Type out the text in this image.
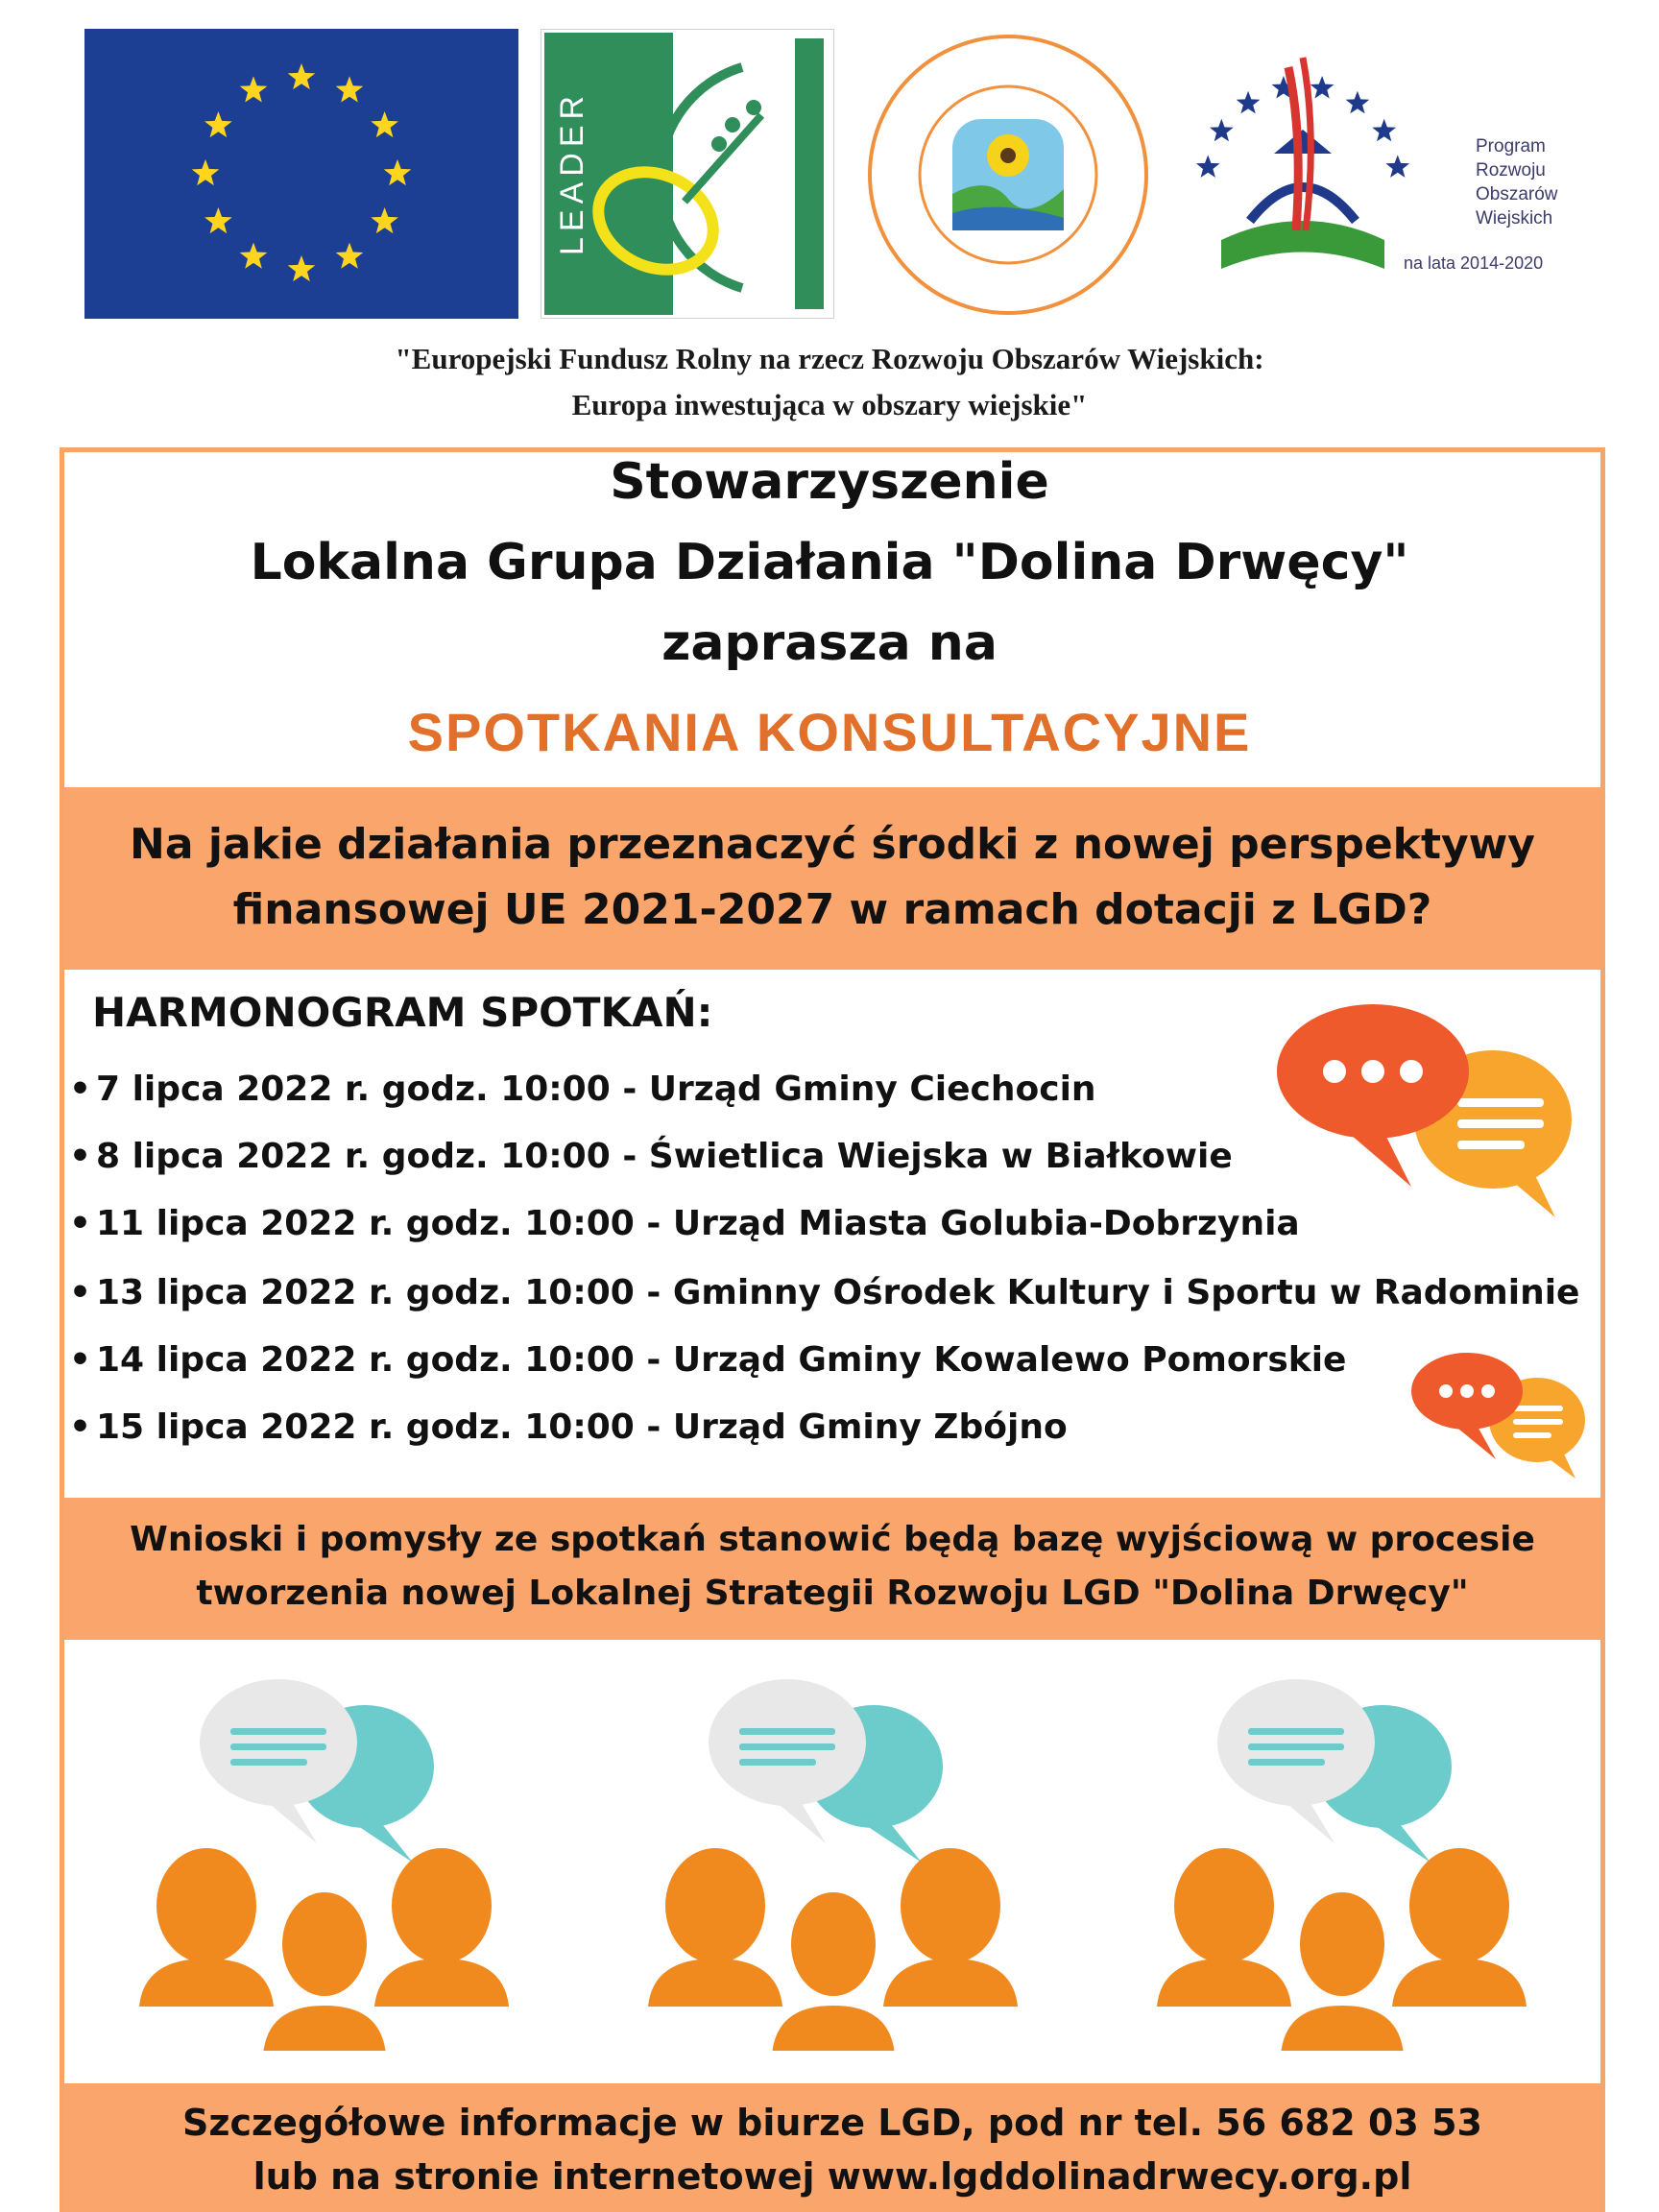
LEADER	Program
Rozwoju
Obszarów
Wiejskich
na lata 2014-2020
"Europejski Fundusz Rolny na rzecz Rozwoju Obszarów Wiejskich:
Europa inwestująca w obszary wiejskie"
Stowarzyszenie
Lokalna Grupa Działania "Dolina Drwęcy"
zaprasza na
SPOTKANIA KONSULTACYJNE
Na jakie działania przeznaczyć środki z nowej perspektywy
finansowej UE 2021-2027 w ramach dotacji z LGD?
HARMONOGRAM SPOTKAŃ:
• 7 lipca 2022 r. godz. 10:00 - Urząd Gminy Ciechocin
• 8 lipca 2022 r. godz. 10:00 - Świetlica Wiejska w Białkowie
• 11 lipca 2022 r. godz. 10:00 - Urząd Miasta Golubia-Dobrzynia
• 13 lipca 2022 r. godz. 10:00 - Gminny Ośrodek Kultury i Sportu w Radominie
• 14 lipca 2022 r. godz. 10:00 - Urząd Gminy Kowalewo Pomorskie
• 15 lipca 2022 r. godz. 10:00 - Urząd Gminy Zbójno
Wnioski i pomysły ze spotkań stanowić będą bazę wyjściową w procesie
tworzenia nowej Lokalnej Strategii Rozwoju LGD "Dolina Drwęcy"
Szczegółowe informacje w biurze LGD, pod nr tel. 56 682 03 53
lub na stronie internetowej www.lgddolinadrwecy.org.pl
